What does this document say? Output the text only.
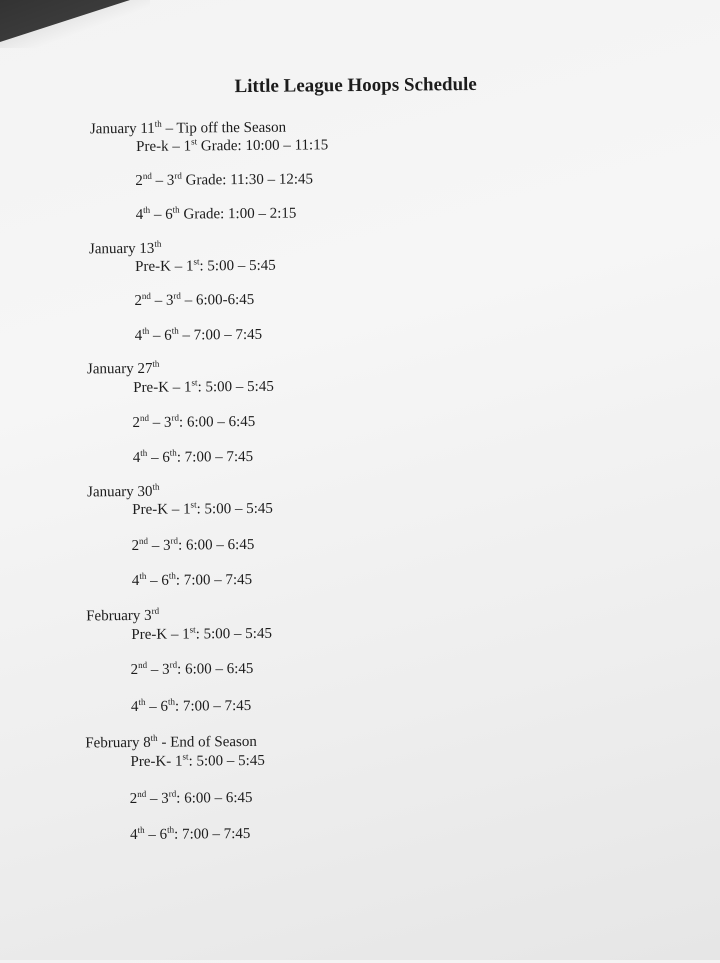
Little League Hoops Schedule
January 11th – Tip off the Season
Pre-k – 1st Grade: 10:00 – 11:15
2nd – 3rd Grade: 11:30 – 12:45
4th – 6th Grade: 1:00 – 2:15
January 13th
Pre-K – 1st: 5:00 – 5:45
2nd – 3rd – 6:00-6:45
4th – 6th – 7:00 – 7:45
January 27th
Pre-K – 1st: 5:00 – 5:45
2nd – 3rd: 6:00 – 6:45
4th – 6th: 7:00 – 7:45
January 30th
Pre-K – 1st: 5:00 – 5:45
2nd – 3rd: 6:00 – 6:45
4th – 6th: 7:00 – 7:45
February 3rd
Pre-K – 1st: 5:00 – 5:45
2nd – 3rd: 6:00 – 6:45
4th – 6th: 7:00 – 7:45
February 8th - End of Season
Pre-K- 1st: 5:00 – 5:45
2nd – 3rd: 6:00 – 6:45
4th – 6th: 7:00 – 7:45
